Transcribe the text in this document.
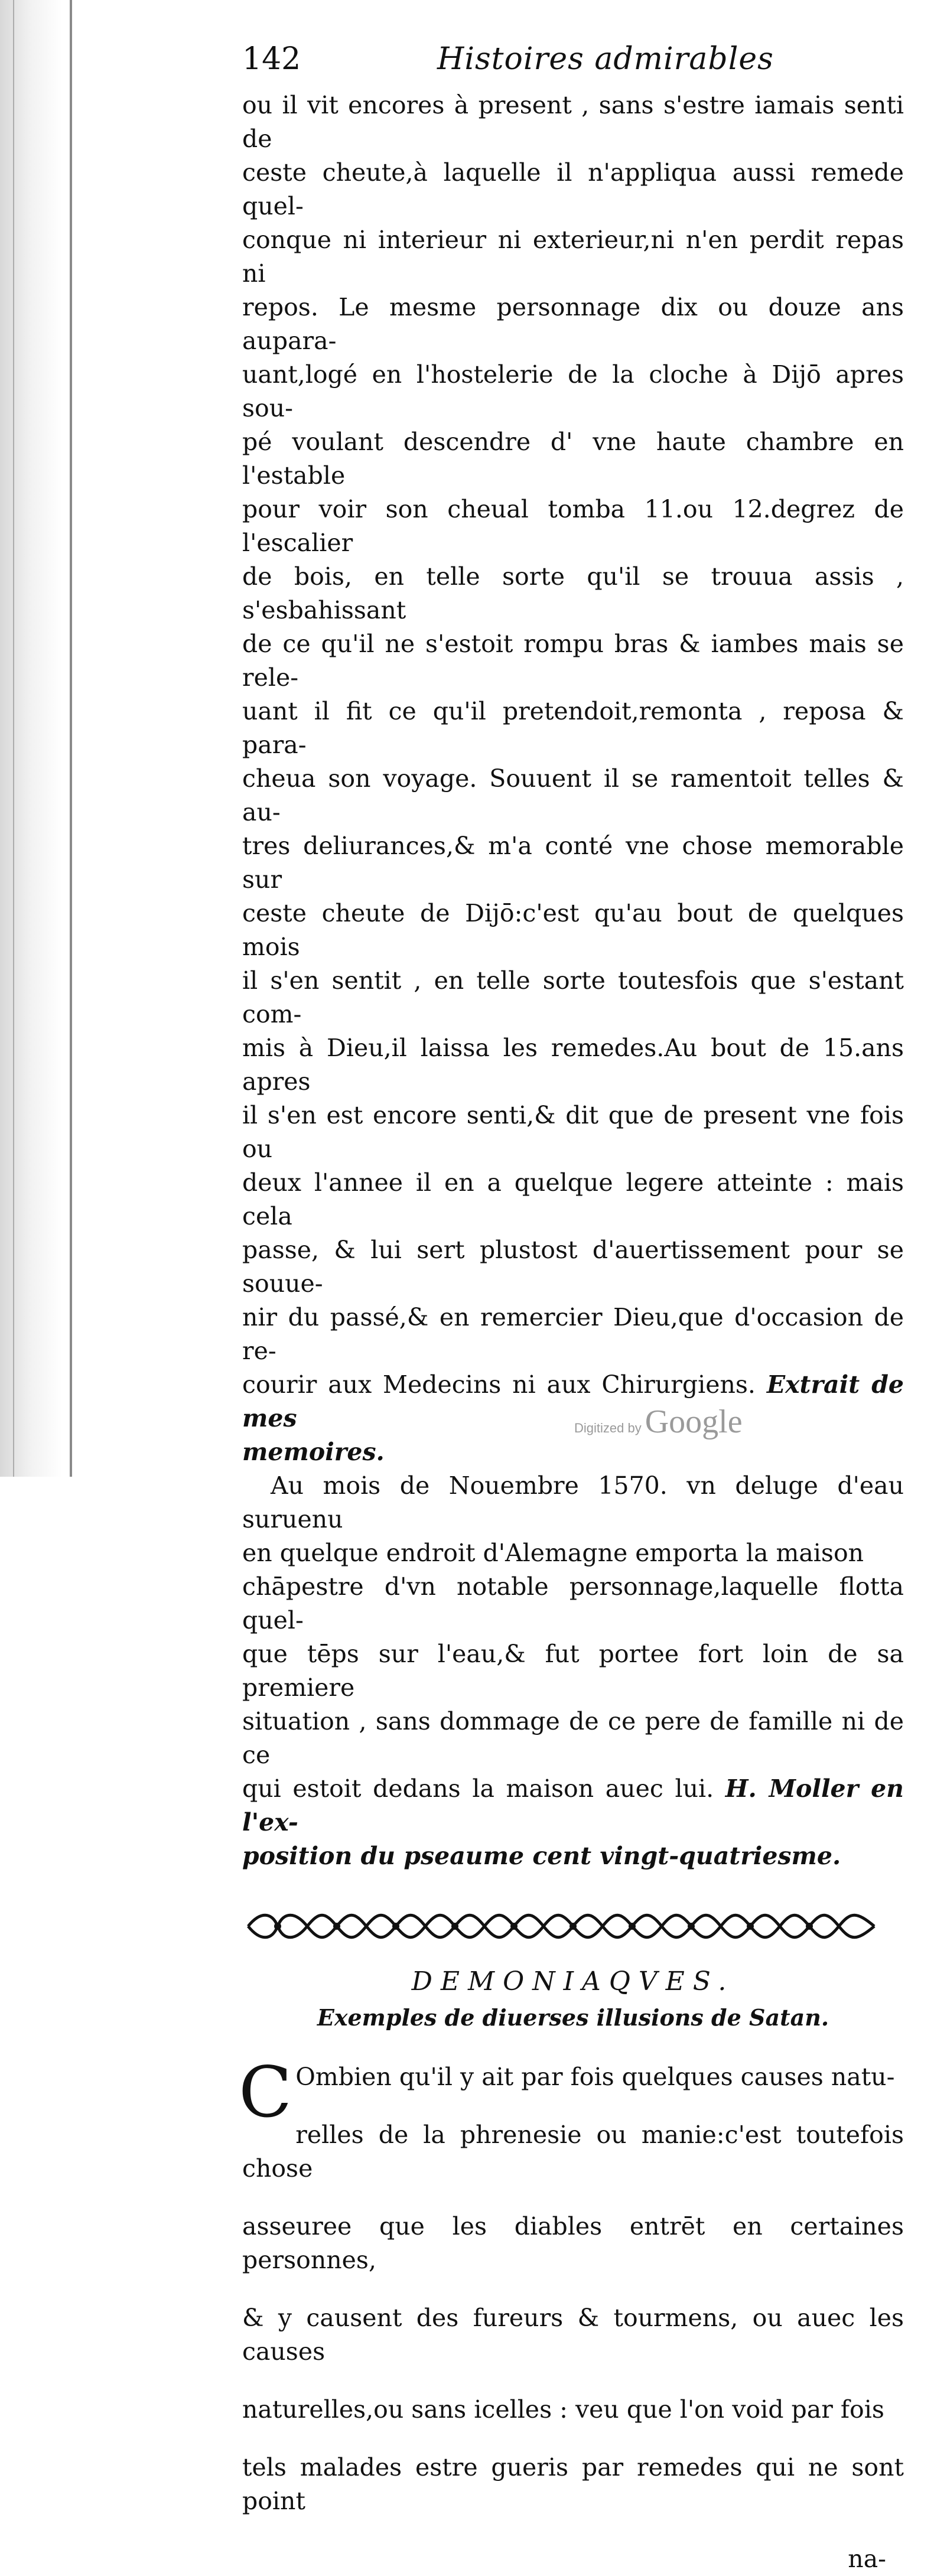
142	Histoires admirables

ou il vit encores à present , sans s'estre iamais senti de

ceste cheute,à laquelle il n'appliqua aussi remede quel-

conque ni interieur ni exterieur,ni n'en perdit repas ni

repos. Le mesme personnage dix ou douze ans auparа-

uant,logé en l'hostelerie de la cloche à Dijō apres sou-

pé voulant descendre d' vne haute chambre en l'estable

pour voir son cheual tomba 11.ou 12.degrez de l'escalier

de bois, en telle sorte qu'il se trouua assis , s'esbahissant

de ce qu'il ne s'estoit rompu bras & iambes mais se rele-

uant il fit ce qu'il pretendoit,remonta , reposa & para-

cheua son voyage. Souuent il se ramentoit telles & au-

tres deliurances,& m'a conté vne chose memorable sur

ceste cheute de Dijō:c'est qu'au bout de quelques mois

il s'en sentit , en telle sorte toutesfois que s'estant com-

mis à Dieu,il laissa les remedes.Au bout de 15.ans apres

il s'en est encore senti,& dit que de present vne fois ou

deux l'annee il en a quelque legere atteinte : mais cela

passe, & lui sert plustost d'auertissement pour se souue-

nir du passé,& en remercier Dieu,que d'occasion de re-

courir aux Medecins ni aux Chirurgiens. Extrait de mes

memoires.

Au mois de Nouembre 1570. vn deluge d'eau suruenu

en quelque endroit d'Alemagne emporta la maison

chāpestre d'vn notable personnage,laquelle flotta quel-

que tēps sur l'eau,& fut portee fort loin de sa premiere

situation , sans dommage de ce pere de famille ni de ce

qui estoit dedans la maison auec lui. H. Moller en l'ex-

position du pseaume cent vingt-quatriesme.

DEMONIAQVES.
Exemples de diuerses illusions de Satan.
C Ombien qu'il y ait par fois quelques causes natu-

relles de la phrenesie ou manie:c'est toutefois chose

asseuree que les diables entrēt en certaines personnes,

& y causent des fureurs & tourmens, ou auec les causes

naturelles,ou sans icelles : veu que l'on void par fois

tels malades estre gueris par remedes qui ne sont point

na-
Digitized by Google
